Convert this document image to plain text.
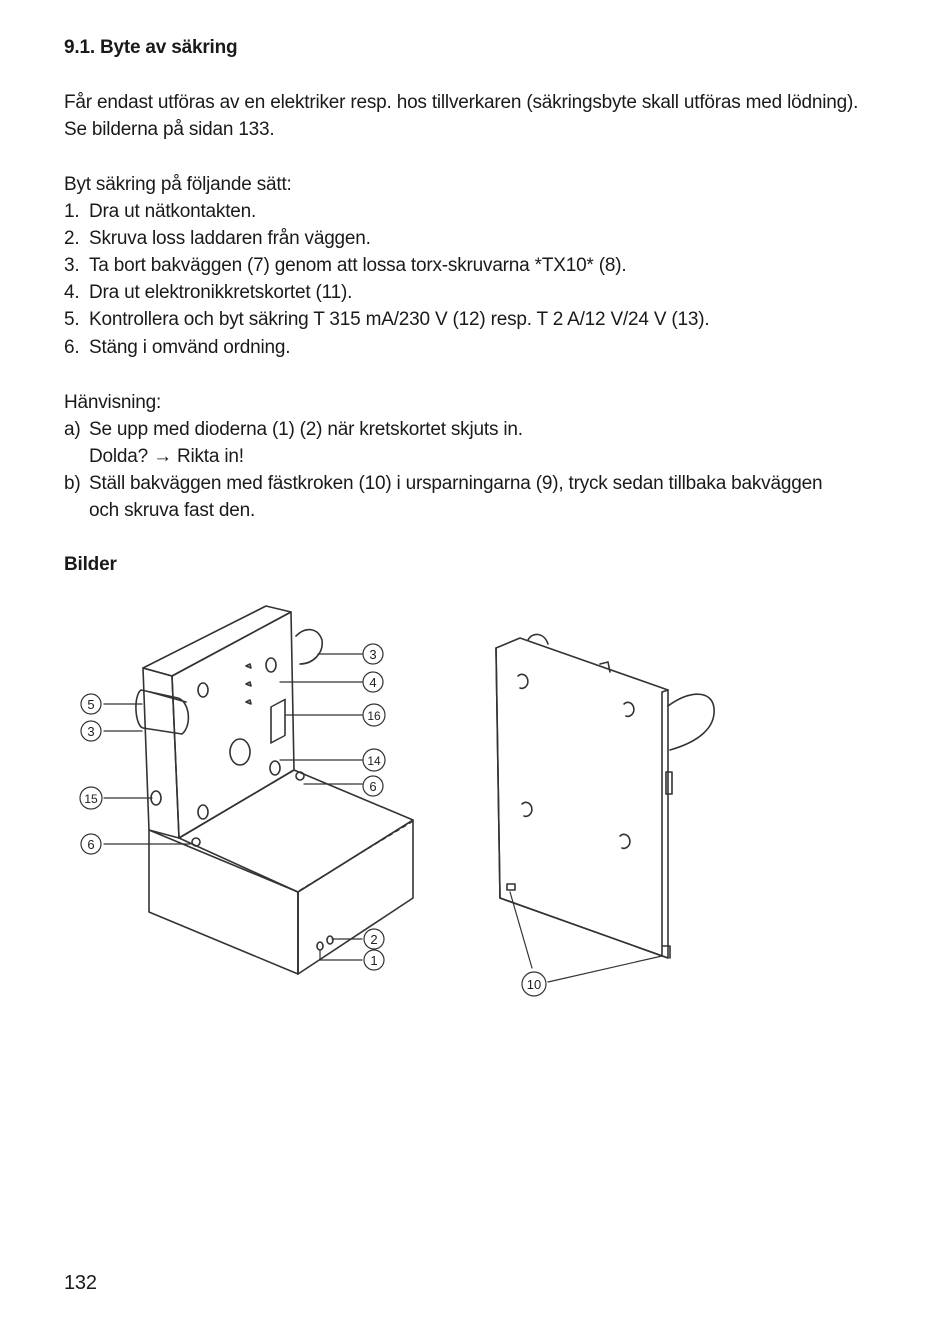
9.1. Byte av säkring
Får endast utföras av en elektriker resp. hos tillverkaren (säkringsbyte skall utföras med lödning).
Se bilderna på sidan 133.
Byt säkring på följande sätt:
1. Dra ut nätkontakten.
2. Skruva loss laddaren från väggen.
3. Ta bort bakväggen (7) genom att lossa torx-skruvarna *TX10* (8).
4. Dra ut elektronikkretskortet (11).
5. Kontrollera och byt säkring T 315 mA/230 V (12) resp. T 2 A/12 V/24 V (13).
6. Stäng i omvänd ordning.
Hänvisning:
a) Se upp med dioderna (1) (2) när kretskortet skjuts in.
Dolda? → Rikta in!
b) Ställ bakväggen med fästkroken (10) i ursparningarna (9), tryck sedan tillbaka bakväggen
och skruva fast den.
Bilder
3
4
16
14
6
5
3
15
6
2
1
10
132
